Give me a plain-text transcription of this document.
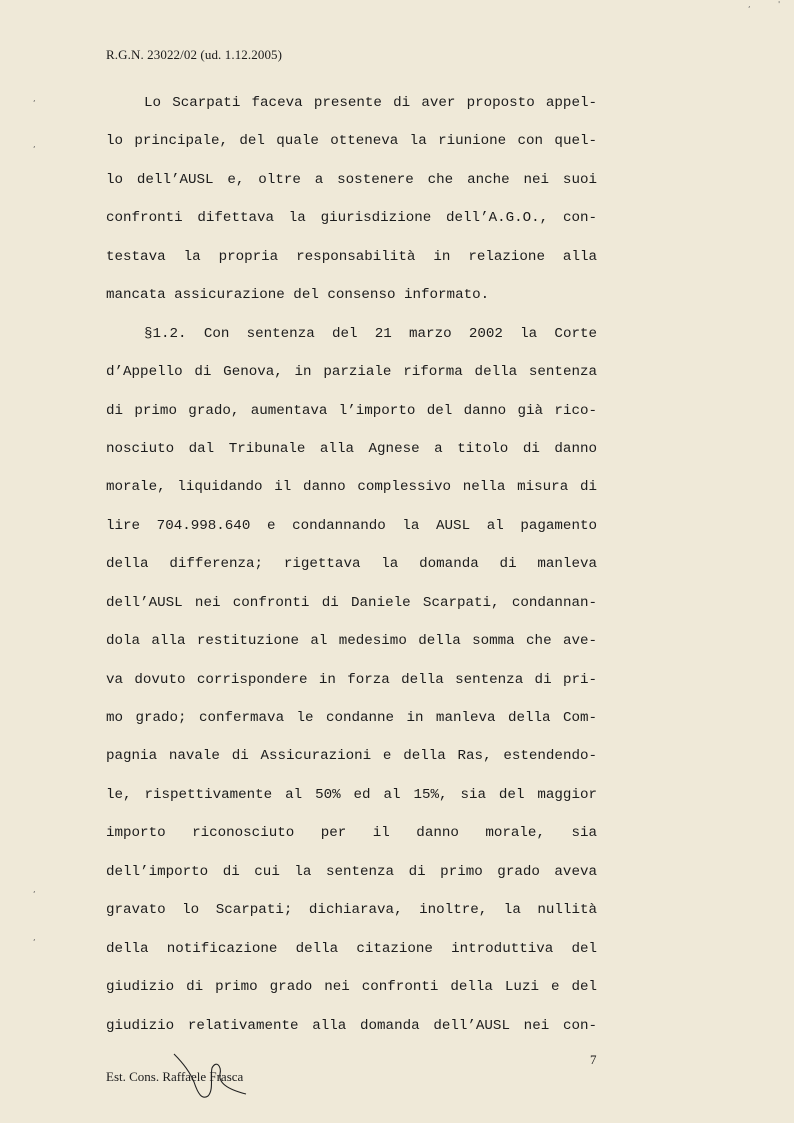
,	'
R.G.N. 23022/02 (ud. 1.12.2005)
,
,
,
,
Lo Scarpati faceva presente di aver proposto appel-
lo principale, del quale otteneva la riunione con quel-
lo dell’AUSL e, oltre a sostenere che anche nei suoi
confronti difettava la giurisdizione dell’A.G.O., con-
testava la propria responsabilità in relazione alla
mancata assicurazione del consenso informato.
§1.2. Con sentenza del 21 marzo 2002 la Corte
d’Appello di Genova, in parziale riforma della sentenza
di primo grado, aumentava l’importo del danno già rico-
nosciuto dal Tribunale alla Agnese a titolo di danno
morale, liquidando il danno complessivo nella misura di
lire 704.998.640 e condannando la AUSL al pagamento
della differenza; rigettava la domanda di manleva
dell’AUSL nei confronti di Daniele Scarpati, condannan-
dola alla restituzione al medesimo della somma che ave-
va dovuto corrispondere in forza della sentenza di pri-
mo grado; confermava le condanne in manleva della Com-
pagnia navale di Assicurazioni e della Ras, estendendo-
le, rispettivamente al 50% ed al 15%, sia del maggior
importo riconosciuto per il danno morale, sia
dell’importo di cui la sentenza di primo grado aveva
gravato lo Scarpati; dichiarava, inoltre, la nullità
della notificazione della citazione introduttiva del
giudizio di primo grado nei confronti della Luzi e del
giudizio relativamente alla domanda dell’AUSL nei con-
7
Est. Cons. Raffaele Frasca
